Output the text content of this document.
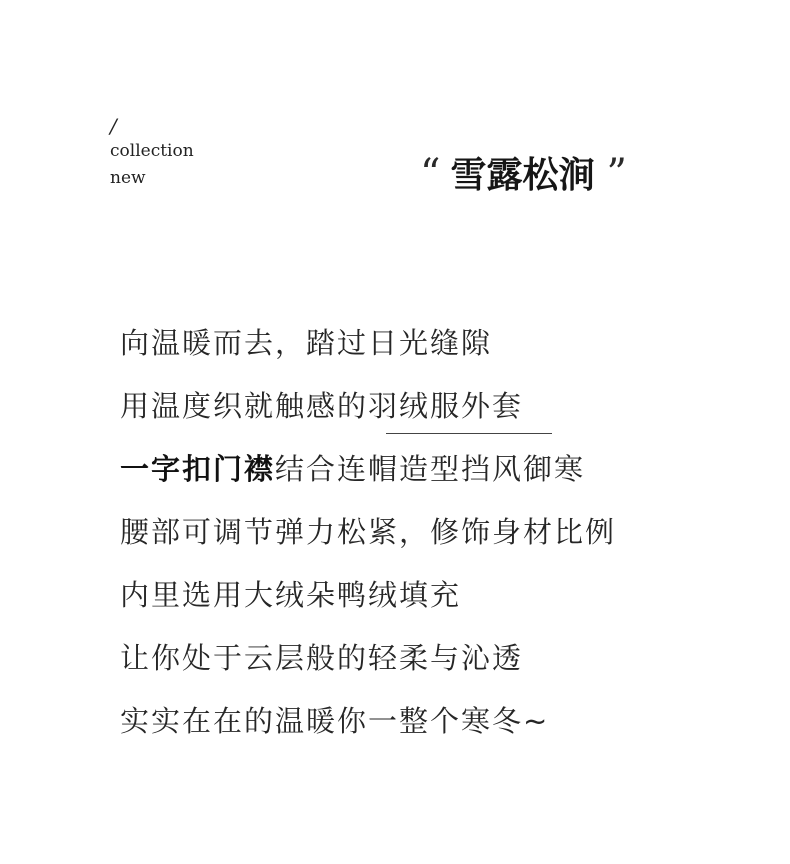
/
collection
new	“ 雪露松涧 ”
向温暖而去，踏过日光缝隙
用温度织就触感的羽绒服外套
一字扣门襟结合连帽造型挡风御寒
腰部可调节弹力松紧，修饰身材比例
内里选用大绒朵鸭绒填充
让你处于云层般的轻柔与沁透
实实在在的温暖你一整个寒冬~
